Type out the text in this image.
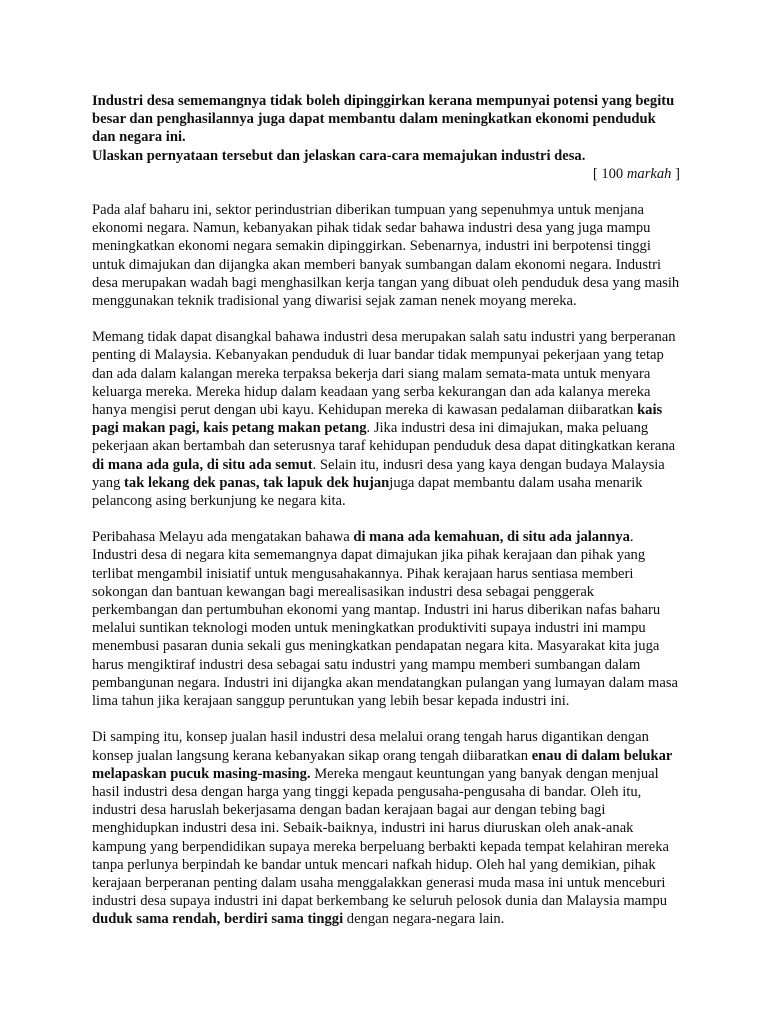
Industri desa sememangnya tidak boleh dipinggirkan kerana mempunyai potensi yang begitu besar dan penghasilannya juga dapat membantu dalam meningkatkan ekonomi penduduk dan negara ini.
Ulaskan pernyataan tersebut dan jelaskan cara-cara memajukan industri desa.

[ 100 markah ]

Pada alaf baharu ini, sektor perindustrian diberikan tumpuan yang sepenuhmya untuk menjana ekonomi negara. Namun, kebanyakan pihak tidak sedar bahawa industri desa yang juga mampu meningkatkan ekonomi negara semakin dipinggirkan. Sebenarnya, industri ini berpotensi tinggi untuk dimajukan dan dijangka akan memberi banyak sumbangan dalam ekonomi negara. Industri desa merupakan wadah bagi menghasilkan kerja tangan yang dibuat oleh penduduk desa yang masih menggunakan teknik tradisional yang diwarisi sejak zaman nenek moyang mereka.

Memang tidak dapat disangkal bahawa industri desa merupakan salah satu industri yang berperanan penting di Malaysia. Kebanyakan penduduk di luar bandar tidak mempunyai pekerjaan yang tetap dan ada dalam kalangan mereka terpaksa bekerja dari siang malam semata-mata untuk menyara keluarga mereka. Mereka hidup dalam keadaan yang serba kekurangan dan ada kalanya mereka hanya mengisi perut dengan ubi kayu. Kehidupan mereka di kawasan pedalaman diibaratkan kais pagi makan pagi, kais petang makan petang. Jika industri desa ini dimajukan, maka peluang pekerjaan akan bertambah dan seterusnya taraf kehidupan penduduk desa dapat ditingkatkan kerana di mana ada gula, di situ ada semut. Selain itu, indusri desa yang kaya dengan budaya Malaysia yang tak lekang dek panas, tak lapuk dek hujanjuga dapat membantu dalam usaha menarik pelancong asing berkunjung ke negara kita.

Peribahasa Melayu ada mengatakan bahawa di mana ada kemahuan, di situ ada jalannya. Industri desa di negara kita sememangnya dapat dimajukan jika pihak kerajaan dan pihak yang terlibat mengambil inisiatif untuk mengusahakannya. Pihak kerajaan harus sentiasa memberi sokongan dan bantuan kewangan bagi merealisasikan industri desa sebagai penggerak perkembangan dan pertumbuhan ekonomi yang mantap. Industri ini harus diberikan nafas baharu melalui suntikan teknologi moden untuk meningkatkan produktiviti supaya industri ini mampu menembusi pasaran dunia sekali gus meningkatkan pendapatan negara kita. Masyarakat kita juga harus mengiktiraf industri desa sebagai satu industri yang mampu memberi sumbangan dalam pembangunan negara. Industri ini dijangka akan mendatangkan pulangan yang lumayan dalam masa lima tahun jika kerajaan sanggup peruntukan yang lebih besar kepada industri ini.

Di samping itu, konsep jualan hasil industri desa melalui orang tengah harus digantikan dengan konsep jualan langsung kerana kebanyakan sikap orang tengah diibaratkan enau di dalam belukar melapaskan pucuk masing-masing. Mereka mengaut keuntungan yang banyak dengan menjual hasil industri desa dengan harga yang tinggi kepada pengusaha-pengusaha di bandar. Oleh itu, industri desa haruslah bekerjasama dengan badan kerajaan bagai aur dengan tebing bagi menghidupkan industri desa ini. Sebaik-baiknya, industri ini harus diuruskan oleh anak-anak kampung yang berpendidikan supaya mereka berpeluang berbakti kepada tempat kelahiran mereka tanpa perlunya berpindah ke bandar untuk mencari nafkah hidup. Oleh hal yang demikian, pihak kerajaan berperanan penting dalam usaha menggalakkan generasi muda masa ini untuk menceburi industri desa supaya industri ini dapat berkembang ke seluruh pelosok dunia dan Malaysia mampu duduk sama rendah, berdiri sama tinggi dengan negara-negara lain.
